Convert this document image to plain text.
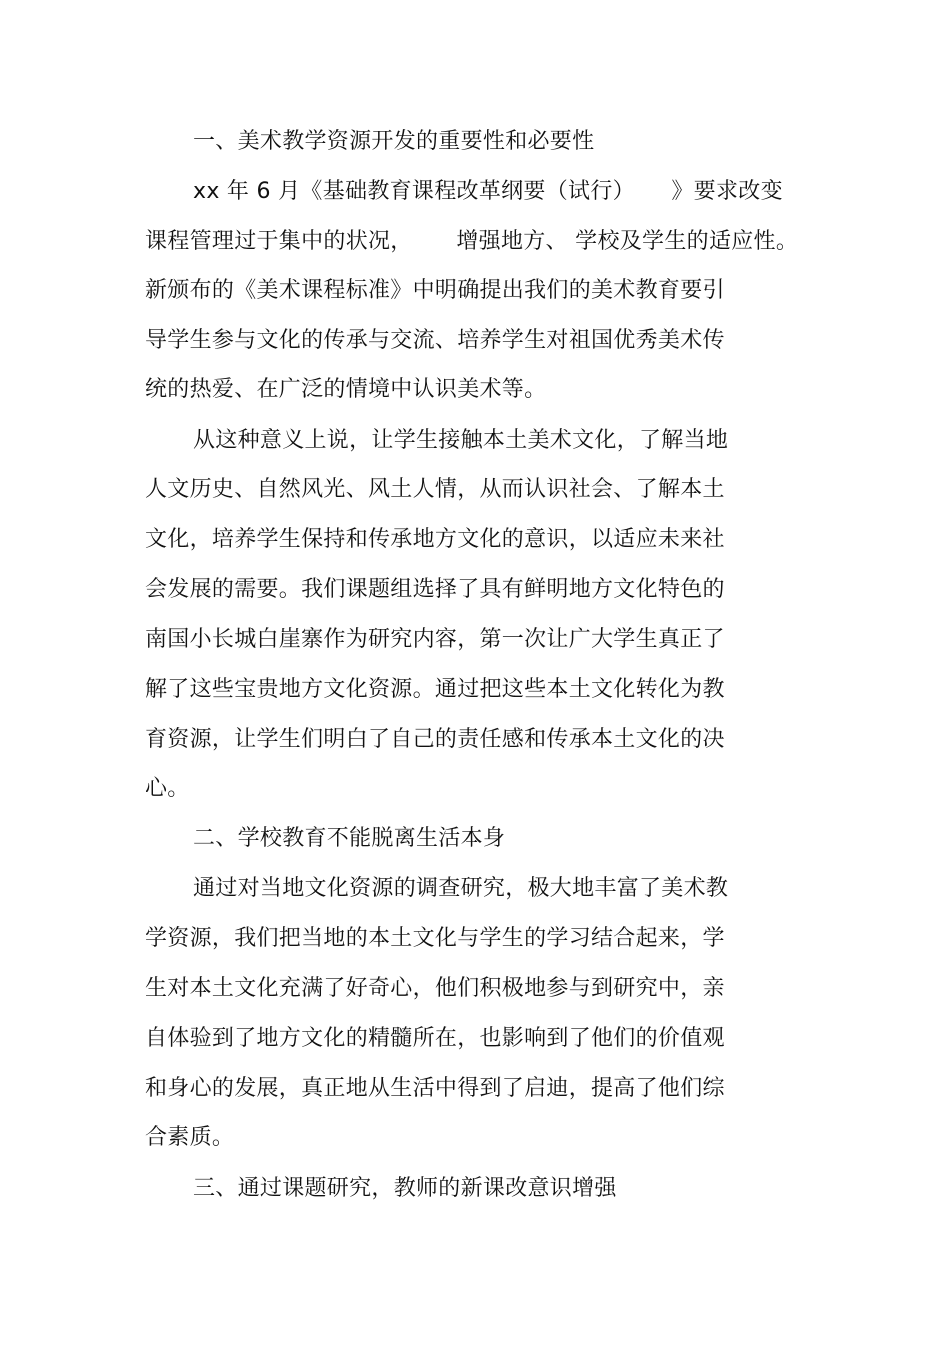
一、美术教学资源开发的重要性和必要性
xx 年 6 月《基础教育课程改革纲要（试行）     》要求改变
课程管理过于集中的状况，      增强地方、 学校及学生的适应性。
新颁布的《美术课程标准》中明确提出我们的美术教育要引
导学生参与文化的传承与交流、培养学生对祖国优秀美术传
统的热爱、在广泛的情境中认识美术等。
从这种意义上说，让学生接触本土美术文化，了解当地
人文历史、自然风光、风土人情，从而认识社会、了解本土
文化，培养学生保持和传承地方文化的意识，以适应未来社
会发展的需要。我们课题组选择了具有鲜明地方文化特色的
南国小长城白崖寨作为研究内容，第一次让广大学生真正了
解了这些宝贵地方文化资源。通过把这些本土文化转化为教
育资源，让学生们明白了自己的责任感和传承本土文化的决
心。
二、学校教育不能脱离生活本身
通过对当地文化资源的调查研究，极大地丰富了美术教
学资源，我们把当地的本土文化与学生的学习结合起来，学
生对本土文化充满了好奇心，他们积极地参与到研究中，亲
自体验到了地方文化的精髓所在，也影响到了他们的价值观
和身心的发展，真正地从生活中得到了启迪，提高了他们综
合素质。
三、通过课题研究，教师的新课改意识增强
